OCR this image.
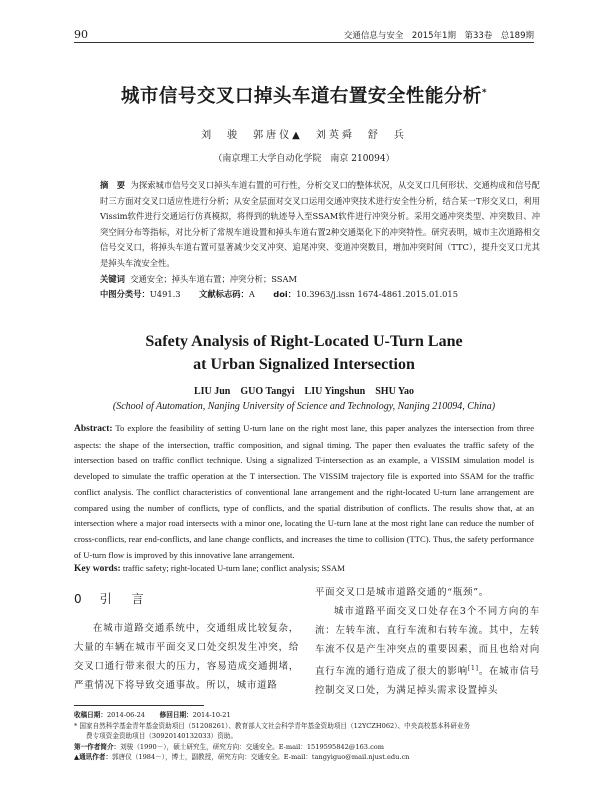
90	交通信息与安全　2015年1期　第33卷　总189期
城市信号交叉口掉头车道右置安全性能分析*
刘　骏　郭唐仪▲　刘英舜　舒　兵
（南京理工大学自动化学院　南京 210094）
摘　要 为探索城市信号交叉口掉头车道右置的可行性，分析交叉口的整体状况，从交叉口几何形状、交通构成和信号配时三方面对交叉口适应性进行分析；从安全层面对交叉口运用交通冲突技术进行安全性分析，结合某一T形交叉口，利用Vissim软件进行交通运行仿真模拟，将得到的轨迹导入至SSAM软件进行冲突分析。采用交通冲突类型、冲突数目、冲突空间分布等指标，对比分析了常规车道设置和掉头车道右置2种交通渠化下的冲突特性。研究表明，城市主次道路相交信号交叉口，将掉头车道右置可显著减少交叉冲突、追尾冲突、变道冲突数目，增加冲突时间（TTC），提升交叉口尤其是掉头车流安全性。
关键词 交通安全；掉头车道右置；冲突分析；SSAM
中图分类号：U491.3 文献标志码：A doi：10.3963/j.issn 1674-4861.2015.01.015
Safety Analysis of Right-Located U-Turn Lane
at Urban Signalized Intersection
LIU Jun　GUO Tangyi　LIU Yingshun　SHU Yao
(School of Automation, Nanjing University of Science and Technology, Nanjing 210094, China)
Abstract: To explore the feasibility of setting U-turn lane on the right most lane, this paper analyzes the intersection from three aspects: the shape of the intersection, traffic composition, and signal timing. The paper then evaluates the traffic safety of the intersection based on traffic conflict technique. Using a signalized T-intersection as an example, a VISSIM simulation model is developed to simulate the traffic operation at the T intersection. The VISSIM trajectory file is exported into SSAM for the traffic conflict analysis. The conflict characteristics of conventional lane arrangement and the right-located U-turn lane arrangement are compared using the number of conflicts, type of conflicts, and the spatial distribution of conflicts. The results show that, at an intersection where a major road intersects with a minor one, locating the U-turn lane at the most right lane can reduce the number of cross-conflicts, rear end-conflicts, and lane change conflicts, and increases the time to collision (TTC). Thus, the safety performance of U-turn flow is improved by this innovative lane arrangement.
Key words: traffic safety; right-located U-turn lane; conflict analysis; SSAM
0 引　言

在城市道路交通系统中，交通组成比较复杂，大量的车辆在城市平面交叉口处交织发生冲突，给交叉口通行带来很大的压力，容易造成交通拥堵，严重情况下将导致交通事故。所以，城市道路

平面交叉口是城市道路交通的“瓶颈”。

城市道路平面交叉口处存在3个不同方向的车流：左转车流、直行车流和右转车流。其中，左转车流不仅是产生冲突点的重要因素，而且也给对向直行车流的通行造成了很大的影响[1]。在城市信号控制交叉口处，为满足掉头需求设置掉头

收稿日期：2014-06-24 修回日期：2014-10-21
* 国家自然科学基金青年基金资助项目（51208261）、教育部人文社会科学青年基金资助项目（12YCZH062）、中央高校基本科研业务
费专项资金资助项目（30920140132033）资助。
第一作者简介：刘骏（1990－），硕士研究生，研究方向：交通安全。E-mail：1519595842@163.com
▲通讯作者：郭唐仪（1984－），博士，副教授，研究方向：交通安全。E-mail：tangyiguo@mail.njust.edu.cn
